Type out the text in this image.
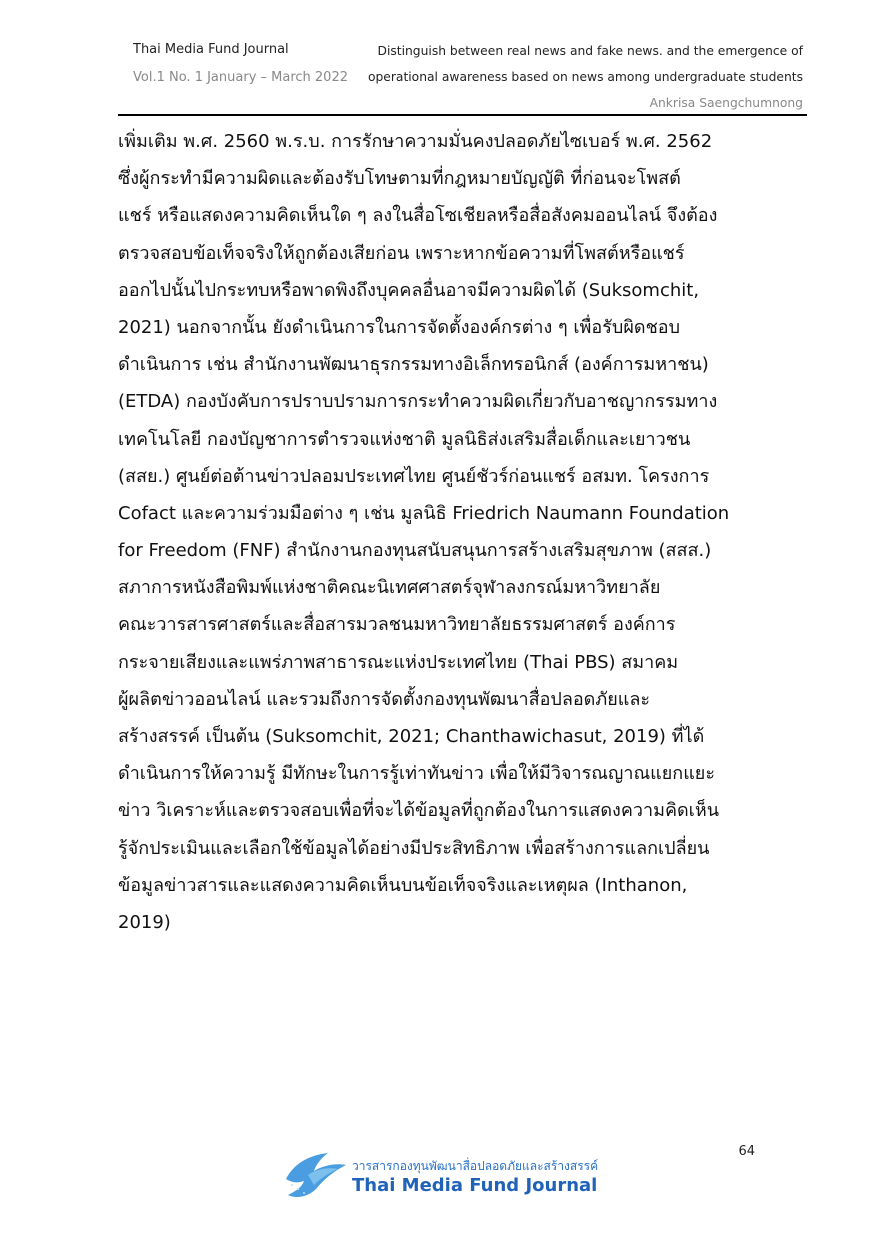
Thai Media Fund Journal
Vol.1 No. 1 January – March 2022
Distinguish between real news and fake news. and the emergence of
operational awareness based on news among undergraduate students
Ankrisa Saengchumnong
เพิ่มเติม พ.ศ. 2560 พ.ร.บ. การรักษาความมั่นคงปลอดภัยไซเบอร์ พ.ศ. 2562
ซึ่งผู้กระทำมีความผิดและต้องรับโทษตามที่กฎหมายบัญญัติ ที่ก่อนจะโพสต์
แชร์ หรือแสดงความคิดเห็นใด ๆ ลงในสื่อโซเชียลหรือสื่อสังคมออนไลน์ จึงต้อง
ตรวจสอบข้อเท็จจริงให้ถูกต้องเสียก่อน เพราะหากข้อความที่โพสต์หรือแชร์
ออกไปนั้นไปกระทบหรือพาดพิงถึงบุคคลอื่นอาจมีความผิดได้ (Suksomchit,
2021) นอกจากนั้น ยังดำเนินการในการจัดตั้งองค์กรต่าง ๆ เพื่อรับผิดชอบ
ดำเนินการ เช่น สำนักงานพัฒนาธุรกรรมทางอิเล็กทรอนิกส์ (องค์การมหาชน)
(ETDA) กองบังคับการปราบปรามการกระทำความผิดเกี่ยวกับอาชญากรรมทาง
เทคโนโลยี กองบัญชาการตำรวจแห่งชาติ มูลนิธิส่งเสริมสื่อเด็กและเยาวชน
(สสย.) ศูนย์ต่อต้านข่าวปลอมประเทศไทย ศูนย์ชัวร์ก่อนแชร์ อสมท. โครงการ
Cofact และความร่วมมือต่าง ๆ เช่น มูลนิธิ Friedrich Naumann Foundation
for Freedom (FNF) สำนักงานกองทุนสนับสนุนการสร้างเสริมสุขภาพ (สสส.)
สภาการหนังสือพิมพ์แห่งชาติคณะนิเทศศาสตร์จุฬาลงกรณ์มหาวิทยาลัย
คณะวารสารศาสตร์และสื่อสารมวลชนมหาวิทยาลัยธรรมศาสตร์ องค์การ
กระจายเสียงและแพร่ภาพสาธารณะแห่งประเทศไทย (Thai PBS) สมาคม
ผู้ผลิตข่าวออนไลน์ และรวมถึงการจัดตั้งกองทุนพัฒนาสื่อปลอดภัยและ
สร้างสรรค์ เป็นต้น (Suksomchit, 2021; Chanthawichasut, 2019) ที่ได้
ดำเนินการให้ความรู้ มีทักษะในการรู้เท่าทันข่าว เพื่อให้มีวิจารณญาณแยกแยะ
ข่าว วิเคราะห์และตรวจสอบเพื่อที่จะได้ข้อมูลที่ถูกต้องในการแสดงความคิดเห็น
รู้จักประเมินและเลือกใช้ข้อมูลได้อย่างมีประสิทธิภาพ เพื่อสร้างการแลกเปลี่ยน
ข้อมูลข่าวสารและแสดงความคิดเห็นบนข้อเท็จจริงและเหตุผล (Inthanon,
2019)
64
วารสารกองทุนพัฒนาสื่อปลอดภัยและสร้างสรรค์
Thai Media Fund Journal
